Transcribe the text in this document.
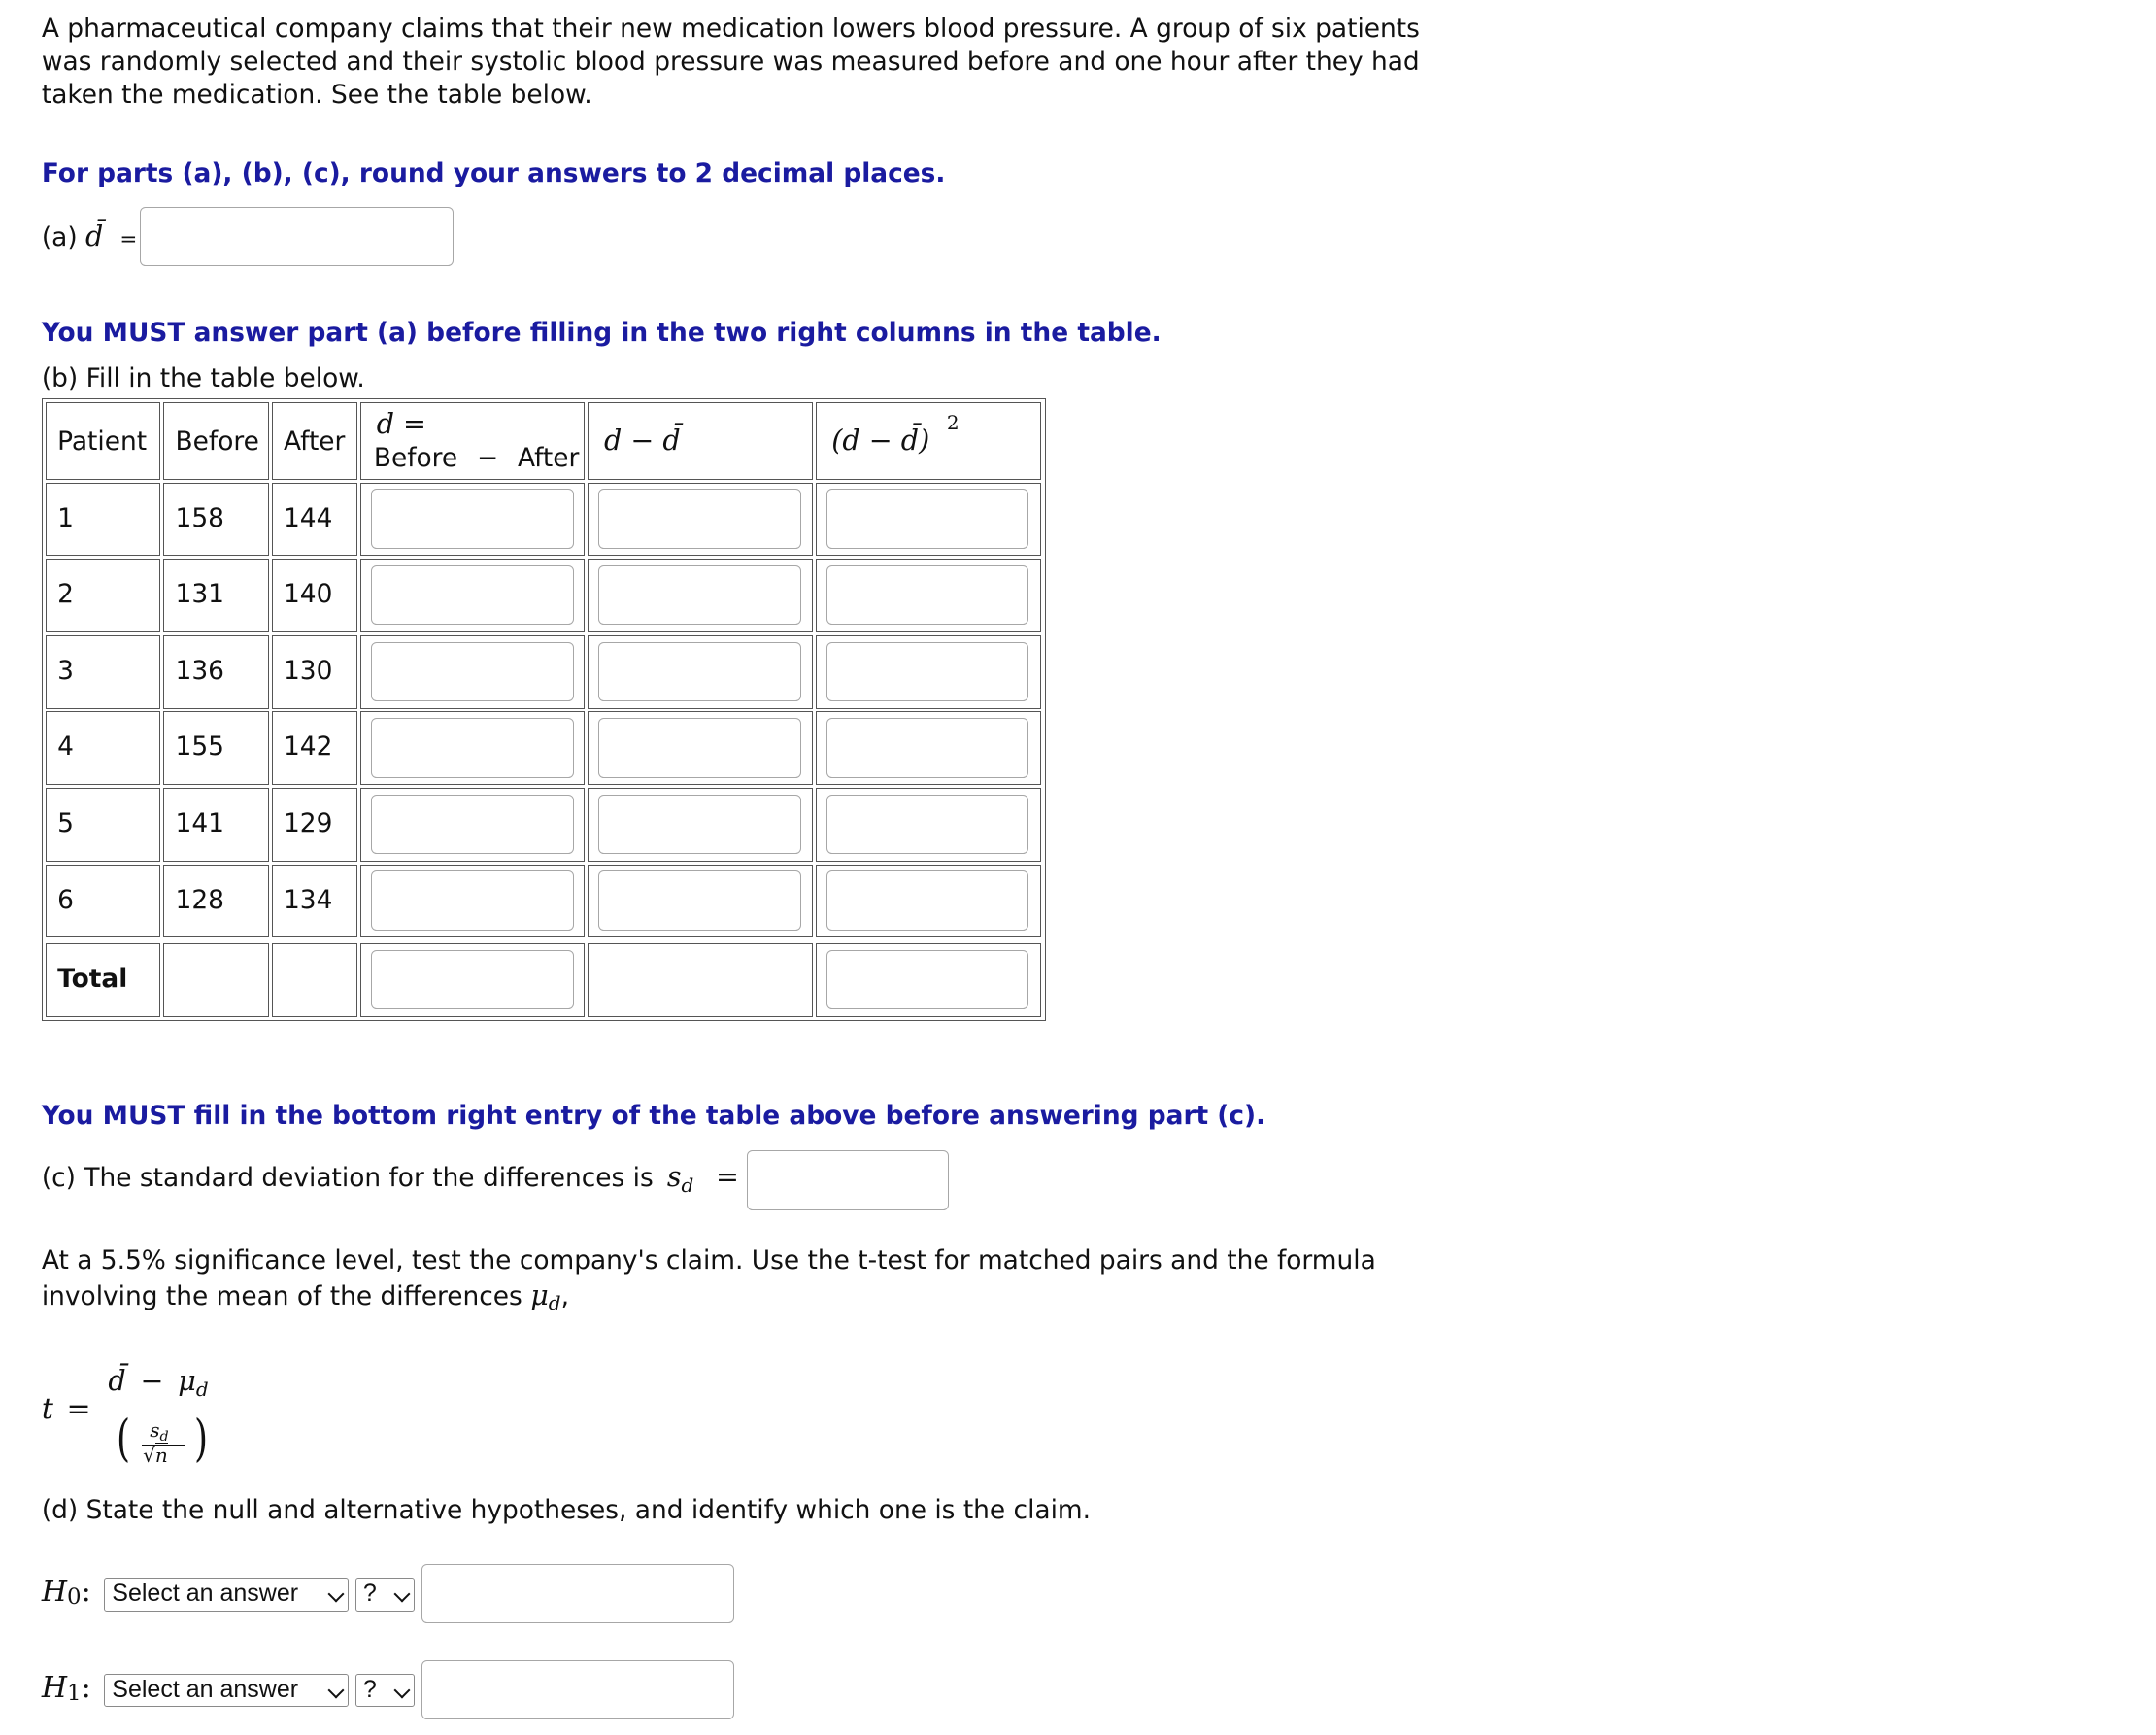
A pharmaceutical company claims that their new medication lowers blood pressure. A group of six patients
was randomly selected and their systolic blood pressure was measured before and one hour after they had
taken the medication. See the table below.
For parts (a), (b), (c), round your answers to 2 decimal places.
(a) d̄ =
You MUST answer part (a) before filling in the two right columns in the table.
(b) Fill in the table below.
Patient Before After
d =
Before − After
d − d̄	(d − d̄)
2
1	158	144
2	131	140
3	136	130
4	155	142
5	141	129
6	128	134
Total
You MUST fill in the bottom right entry of the table above before answering part (c).
(c) The standard deviation for the differences is $s_d$ =
At a 5.5% significance level, test the company's claim. Use the t-test for matched pairs and the formula
involving the mean of the differences $\mu_d$,
t =
d̄ − $\mu_d$
( )
$s_d$
√n
(d) State the null and alternative hypotheses, and identify which one is the claim.
H0:	Select an answer	?
H1:	Select an answer	?
